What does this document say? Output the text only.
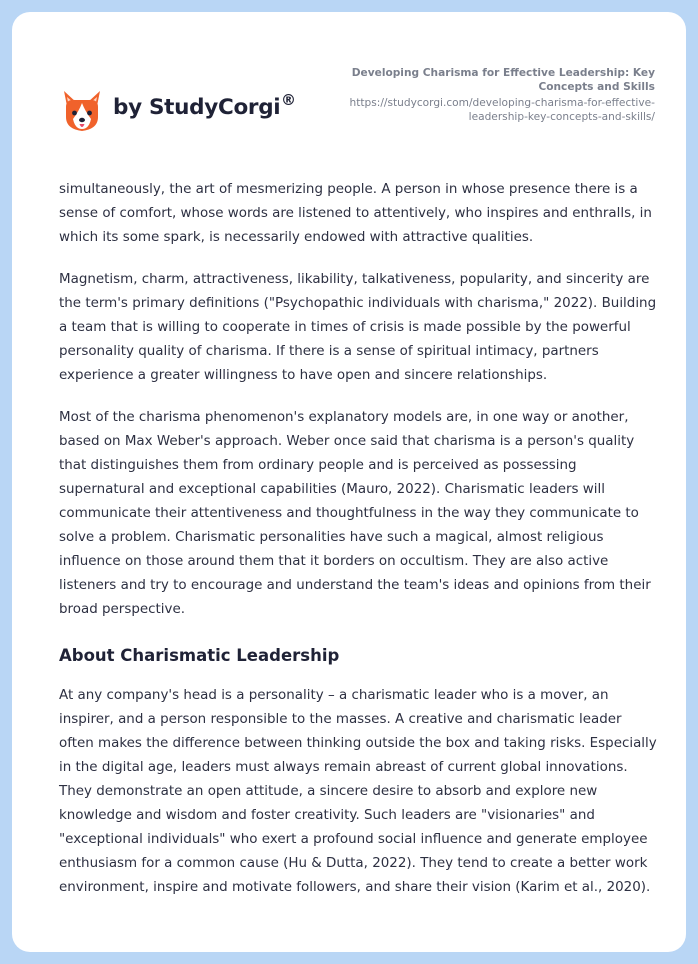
by StudyCorgi ®
Developing Charisma for Effective Leadership: Key
Concepts and Skills
https://studycorgi.com/developing-charisma-for-effective-
leadership-key-concepts-and-skills/

simultaneously, the art of mesmerizing people. A person in whose presence there is a sense of comfort, whose words are listened to attentively, who inspires and enthralls, in which its some spark, is necessarily endowed with attractive qualities.

Magnetism, charm, attractiveness, likability, talkativeness, popularity, and sincerity are the term's primary definitions ("Psychopathic individuals with charisma," 2022). Building a team that is willing to cooperate in times of crisis is made possible by the powerful personality quality of charisma. If there is a sense of spiritual intimacy, partners experience a greater willingness to have open and sincere relationships.

Most of the charisma phenomenon's explanatory models are, in one way or another, based on Max Weber's approach. Weber once said that charisma is a person's quality that distinguishes them from ordinary people and is perceived as possessing supernatural and exceptional capabilities (Mauro, 2022). Charismatic leaders will communicate their attentiveness and thoughtfulness in the way they communicate to solve a problem. Charismatic personalities have such a magical, almost religious influence on those around them that it borders on occultism. They are also active listeners and try to encourage and understand the team's ideas and opinions from their broad perspective.

About Charismatic Leadership

At any company's head is a personality – a charismatic leader who is a mover, an inspirer, and a person responsible to the masses. A creative and charismatic leader often makes the difference between thinking outside the box and taking risks. Especially in the digital age, leaders must always remain abreast of current global innovations. They demonstrate an open attitude, a sincere desire to absorb and explore new knowledge and wisdom and foster creativity. Such leaders are "visionaries" and "exceptional individuals" who exert a profound social influence and generate employee enthusiasm for a common cause (Hu & Dutta, 2022). They tend to create a better work environment, inspire and motivate followers, and share their vision (Karim et al., 2020).
